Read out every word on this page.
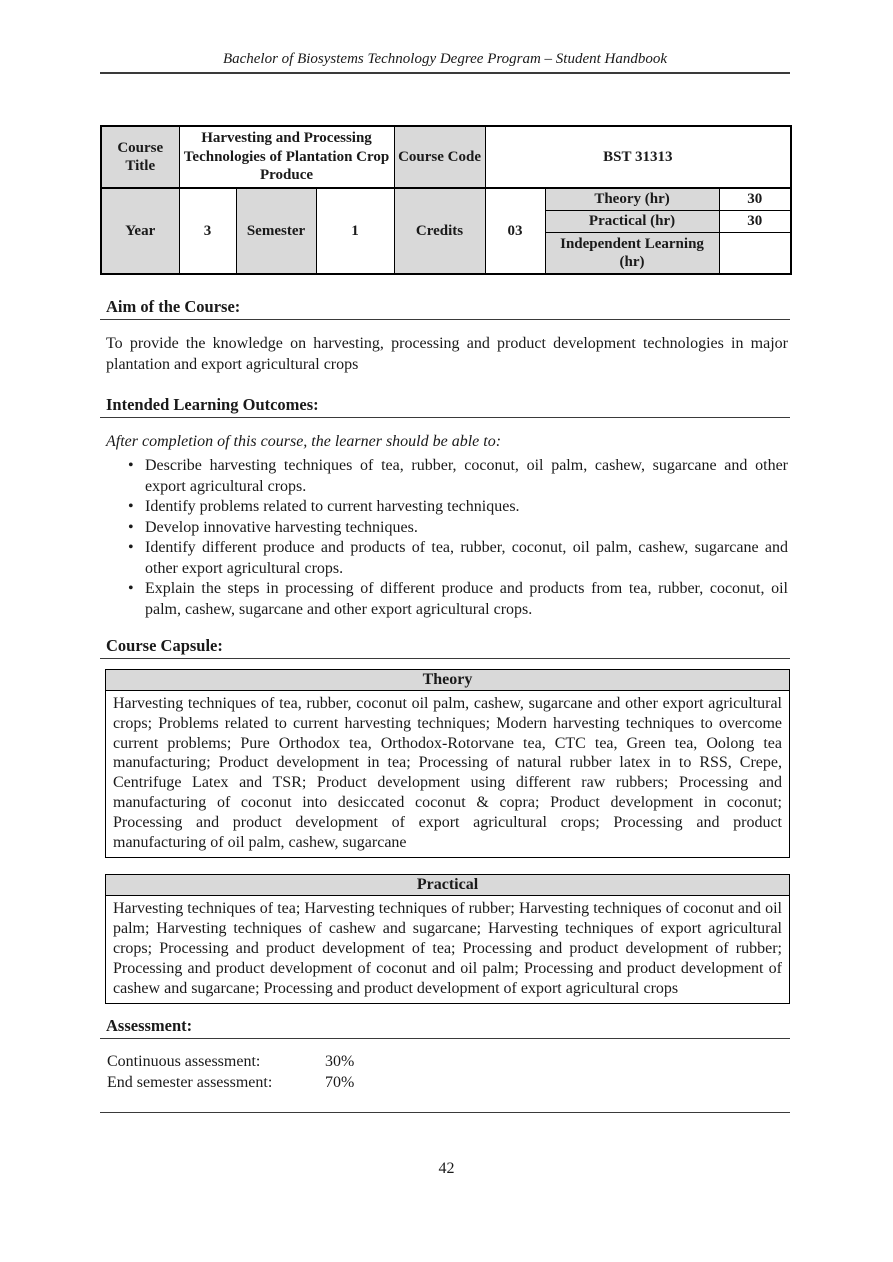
Bachelor of Biosystems Technology Degree Program – Student Handbook
Course Title	Harvesting and Processing Technologies of Plantation Crop Produce			Course Code	BST 31313		
Year	3	Semester	1	Credits	03	Theory (hr)	30
						Practical (hr)	30
						Independent Learning (hr)	
Aim of the Course:

To provide the knowledge on harvesting, processing and product development technologies in major plantation and export agricultural crops

Intended Learning Outcomes:

After completion of this course, the learner should be able to:

• Describe harvesting techniques of tea, rubber, coconut, oil palm, cashew, sugarcane and other export agricultural crops.
• Identify problems related to current harvesting techniques.
• Develop innovative harvesting techniques.
• Identify different produce and products of tea, rubber, coconut, oil palm, cashew, sugarcane and other export agricultural crops.
• Explain the steps in processing of different produce and products from tea, rubber, coconut, oil palm, cashew, sugarcane and other export agricultural crops.
Course Capsule:
Theory
Harvesting techniques of tea, rubber, coconut oil palm, cashew, sugarcane and other export agricultural crops; Problems related to current harvesting techniques; Modern harvesting techniques to overcome current problems; Pure Orthodox tea, Orthodox-Rotorvane tea, CTC tea, Green tea, Oolong tea manufacturing; Product development in tea; Processing of natural rubber latex in to RSS, Crepe, Centrifuge Latex and TSR; Product development using different raw rubbers; Processing and manufacturing of coconut into desiccated coconut & copra; Product development in coconut; Processing and product development of export agricultural crops; Processing and product manufacturing of oil palm, cashew, sugarcane
Practical
Harvesting techniques of tea; Harvesting techniques of rubber; Harvesting techniques of coconut and oil palm; Harvesting techniques of cashew and sugarcane; Harvesting techniques of export agricultural crops; Processing and product development of tea; Processing and product development of rubber; Processing and product development of coconut and oil palm; Processing and product development of cashew and sugarcane; Processing and product development of export agricultural crops
Assessment:
Continuous assessment:	30%
End semester assessment:	70%
42
